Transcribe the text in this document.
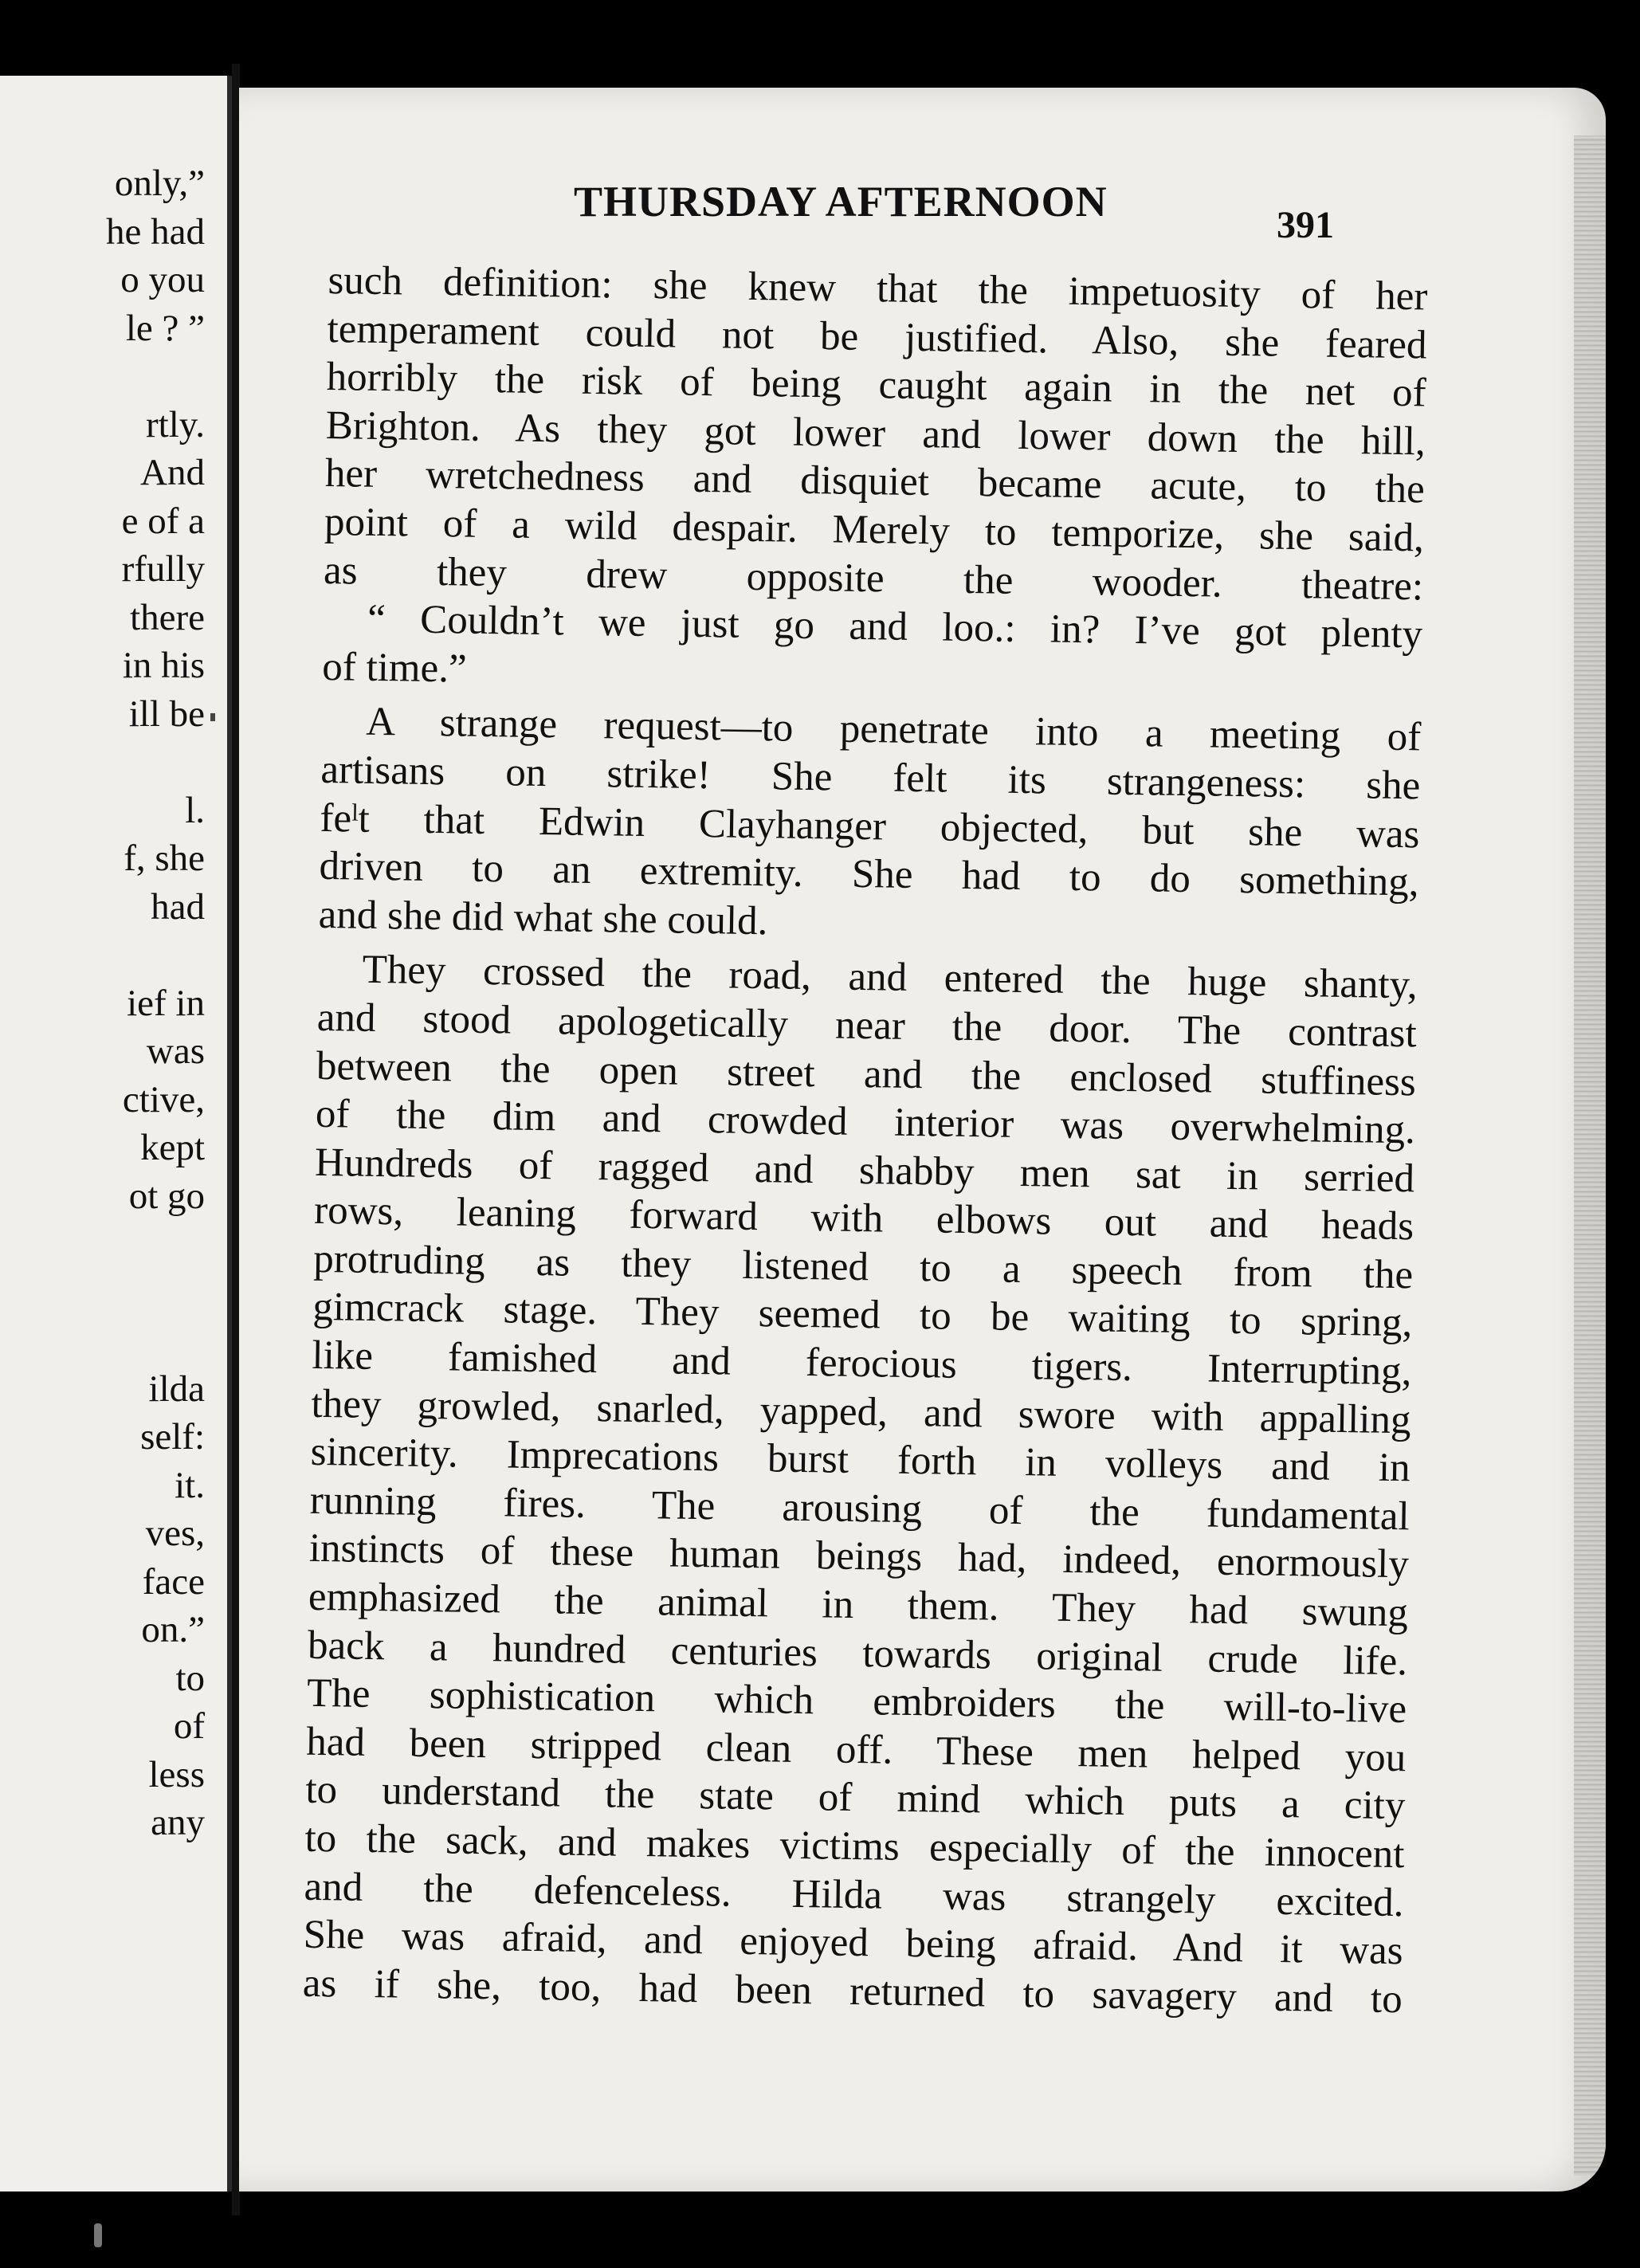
only,”
he had
o you
le ? ”
rtly.
And
e of a
rfully
there
in his
ill be
l.
f, she
had
ief in
was
ctive,
kept
ot go
ilda
self:
it.
ves,
face
on.”
to
of
less
any
THURSDAY AFTERNOON	391
such definition: she knew that the impetuosity of her
temperament could not be justified. Also, she feared
horribly the risk of being caught again in the net of
Brighton. As they got lower and lower down the hill,
her wretchedness and disquiet became acute, to the
point of a wild despair. Merely to temporize, she said,
as they drew opposite the wooder. theatre:
“ Couldn’t we just go and loo.: in? I’ve got plenty
of time.”
A strange request—to penetrate into a meeting of
artisans on strike! She felt its strangeness: she
feˡt that Edwin Clayhanger objected, but she was
driven to an extremity. She had to do something,
and she did what she could.
They crossed the road, and entered the huge shanty,
and stood apologetically near the door. The contrast
between the open street and the enclosed stuffiness
of the dim and crowded interior was overwhelming.
Hundreds of ragged and shabby men sat in serried
rows, leaning forward with elbows out and heads
protruding as they listened to a speech from the
gimcrack stage. They seemed to be waiting to spring,
like famished and ferocious tigers. Interrupting,
they growled, snarled, yapped, and swore with appalling
sincerity. Imprecations burst forth in volleys and in
running fires. The arousing of the fundamental
instincts of these human beings had, indeed, enormously
emphasized the animal in them. They had swung
back a hundred centuries towards original crude life.
The sophistication which embroiders the will-to-live
had been stripped clean off. These men helped you
to understand the state of mind which puts a city
to the sack, and makes victims especially of the innocent
and the defenceless. Hilda was strangely excited.
She was afraid, and enjoyed being afraid. And it was
as if she, too, had been returned to savagery and to
